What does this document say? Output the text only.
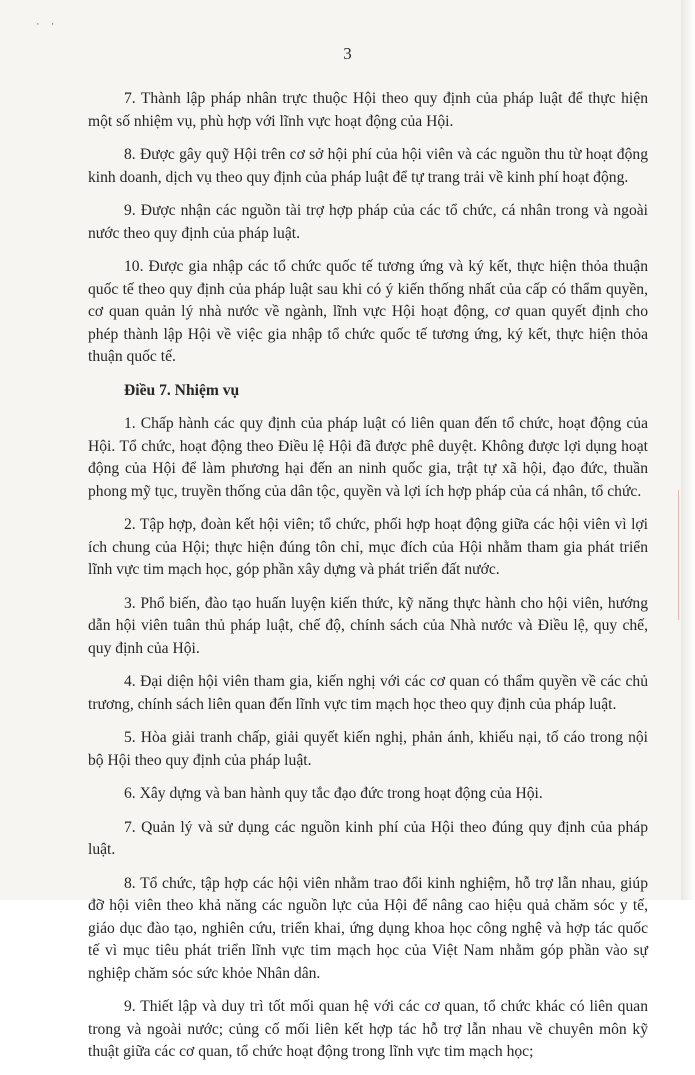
· ·
3

7. Thành lập pháp nhân trực thuộc Hội theo quy định của pháp luật để thực hiện một số nhiệm vụ, phù hợp với lĩnh vực hoạt động của Hội.

8. Được gây quỹ Hội trên cơ sở hội phí của hội viên và các nguồn thu từ hoạt động kinh doanh, dịch vụ theo quy định của pháp luật để tự trang trải về kinh phí hoạt động.

9. Được nhận các nguồn tài trợ hợp pháp của các tổ chức, cá nhân trong và ngoài nước theo quy định của pháp luật.

10. Được gia nhập các tổ chức quốc tế tương ứng và ký kết, thực hiện thỏa thuận quốc tế theo quy định của pháp luật sau khi có ý kiến thống nhất của cấp có thẩm quyền, cơ quan quản lý nhà nước về ngành, lĩnh vực Hội hoạt động, cơ quan quyết định cho phép thành lập Hội về việc gia nhập tổ chức quốc tế tương ứng, ký kết, thực hiện thỏa thuận quốc tế.

Điều 7. Nhiệm vụ

1. Chấp hành các quy định của pháp luật có liên quan đến tổ chức, hoạt động của Hội. Tổ chức, hoạt động theo Điều lệ Hội đã được phê duyệt. Không được lợi dụng hoạt động của Hội để làm phương hại đến an ninh quốc gia, trật tự xã hội, đạo đức, thuần phong mỹ tục, truyền thống của dân tộc, quyền và lợi ích hợp pháp của cá nhân, tổ chức.

2. Tập hợp, đoàn kết hội viên; tổ chức, phối hợp hoạt động giữa các hội viên vì lợi ích chung của Hội; thực hiện đúng tôn chỉ, mục đích của Hội nhằm tham gia phát triển lĩnh vực tim mạch học, góp phần xây dựng và phát triển đất nước.

3. Phổ biến, đào tạo huấn luyện kiến thức, kỹ năng thực hành cho hội viên, hướng dẫn hội viên tuân thủ pháp luật, chế độ, chính sách của Nhà nước và Điều lệ, quy chế, quy định của Hội.

4. Đại diện hội viên tham gia, kiến nghị với các cơ quan có thẩm quyền về các chủ trương, chính sách liên quan đến lĩnh vực tim mạch học theo quy định của pháp luật.

5. Hòa giải tranh chấp, giải quyết kiến nghị, phản ánh, khiếu nại, tố cáo trong nội bộ Hội theo quy định của pháp luật.

6. Xây dựng và ban hành quy tắc đạo đức trong hoạt động của Hội.

7. Quản lý và sử dụng các nguồn kinh phí của Hội theo đúng quy định của pháp luật.

8. Tổ chức, tập hợp các hội viên nhằm trao đổi kinh nghiệm, hỗ trợ lẫn nhau, giúp đỡ hội viên theo khả năng các nguồn lực của Hội để nâng cao hiệu quả chăm sóc y tế, giáo dục đào tạo, nghiên cứu, triển khai, ứng dụng khoa học công nghệ và hợp tác quốc tế vì mục tiêu phát triển lĩnh vực tim mạch học của Việt Nam nhằm góp phần vào sự nghiệp chăm sóc sức khỏe Nhân dân.

9. Thiết lập và duy trì tốt mối quan hệ với các cơ quan, tổ chức khác có liên quan trong và ngoài nước; củng cố mối liên kết hợp tác hỗ trợ lẫn nhau về chuyên môn kỹ thuật giữa các cơ quan, tổ chức hoạt động trong lĩnh vực tim mạch học;
